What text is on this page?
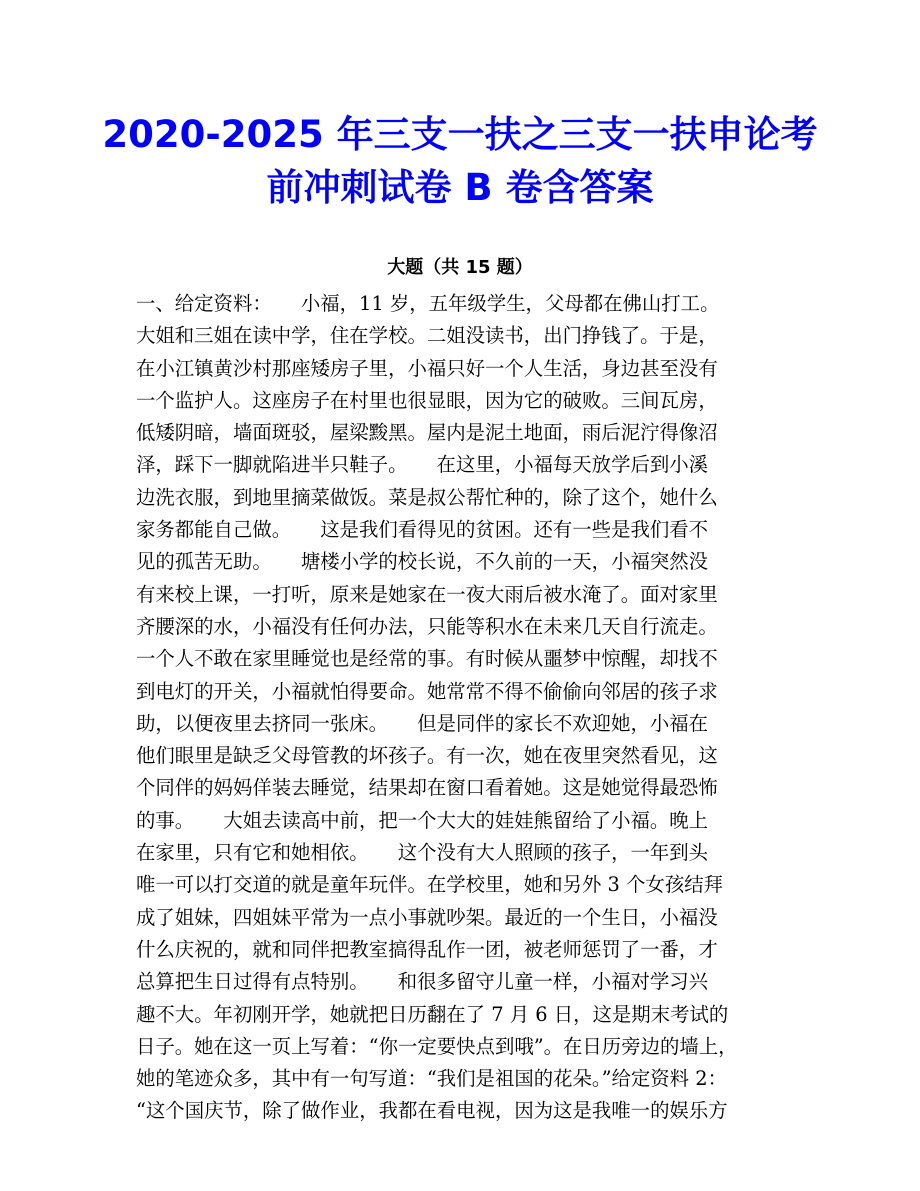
2020-2025 年三支一扶之三支一扶申论考
前冲刺试卷 B 卷含答案
大题（共 15 题）
一、给定资料：　　小福，11 岁，五年级学生，父母都在佛山打工。
大姐和三姐在读中学，住在学校。二姐没读书，出门挣钱了。于是，
在小江镇黄沙村那座矮房子里，小福只好一个人生活，身边甚至没有
一个监护人。这座房子在村里也很显眼，因为它的破败。三间瓦房，
低矮阴暗，墙面斑驳，屋梁黢黑。屋内是泥土地面，雨后泥泞得像沼
泽，踩下一脚就陷进半只鞋子。　　在这里，小福每天放学后到小溪
边洗衣服，到地里摘菜做饭。菜是叔公帮忙种的，除了这个，她什么
家务都能自己做。　　这是我们看得见的贫困。还有一些是我们看不
见的孤苦无助。　　塘楼小学的校长说，不久前的一天，小福突然没
有来校上课，一打听，原来是她家在一夜大雨后被水淹了。面对家里
齐腰深的水，小福没有任何办法，只能等积水在未来几天自行流走。
一个人不敢在家里睡觉也是经常的事。有时候从噩梦中惊醒，却找不
到电灯的开关，小福就怕得要命。她常常不得不偷偷向邻居的孩子求
助，以便夜里去挤同一张床。　　但是同伴的家长不欢迎她，小福在
他们眼里是缺乏父母管教的坏孩子。有一次，她在夜里突然看见，这
个同伴的妈妈佯装去睡觉，结果却在窗口看着她。这是她觉得最恐怖
的事。　　大姐去读高中前，把一个大大的娃娃熊留给了小福。晚上
在家里，只有它和她相依。　　这个没有大人照顾的孩子，一年到头
唯一可以打交道的就是童年玩伴。在学校里，她和另外 3 个女孩结拜
成了姐妹，四姐妹平常为一点小事就吵架。最近的一个生日，小福没
什么庆祝的，就和同伴把教室搞得乱作一团，被老师惩罚了一番，才
总算把生日过得有点特别。　　和很多留守儿童一样，小福对学习兴
趣不大。年初刚开学，她就把日历翻在了 7 月 6 日，这是期末考试的
日子。她在这一页上写着：“你一定要快点到哦”。在日历旁边的墙上，
她的笔迹众多，其中有一句写道：“我们是祖国的花朵。”给定资料 2：
“这个国庆节，除了做作业，我都在看电视，因为这是我唯一的娱乐方
